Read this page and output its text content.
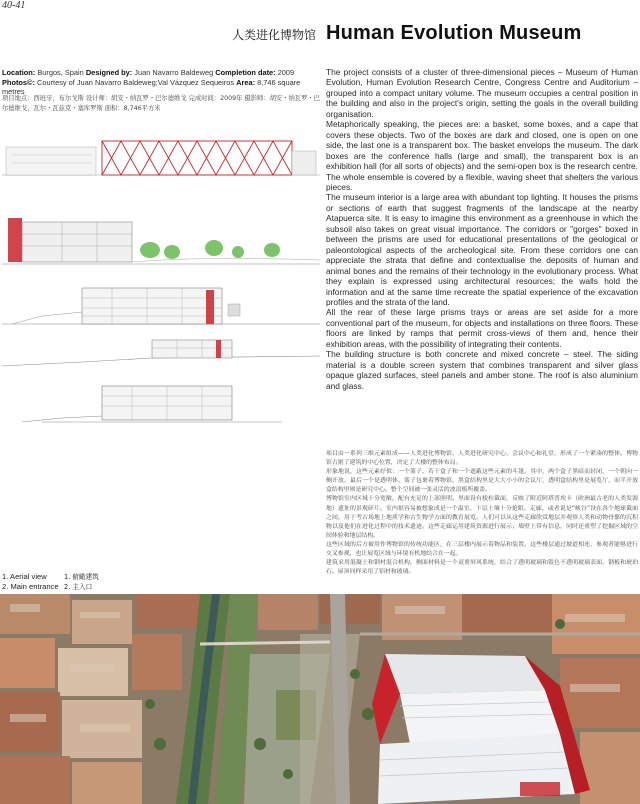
40-41
人类进化博物馆 Human Evolution Museum
Location: Burgos, Spain Designed by: Juan Navarro Baldeweg Completion date: 2009 Photos©: Courtesy of Juan Navarro Baldeweg;Val Vázquez Sequeiros Area: 8,746 square metres
项目地点：西班牙，布尔戈斯 设计师：胡安・纳瓦罗・巴尔德维戈 完成时间：2009年 摄影师：胡安・纳瓦罗・巴尔德维戈，瓦尔・瓦兹克・塞库罗斯 面积：8,746平方米

The project consists of a cluster of three-dimensional pieces – Museum of Human Evolution, Human Evolution Research Centre, Congress Centre and Auditorium – grouped into a compact unitary volume. The museum occupies a central position in the building and also in the project's origin, setting the goals in the overall building organisation.

Metaphorically speaking, the pieces are: a basket, some boxes, and a cape that covers these objects. Two of the boxes are dark and closed, one is open on one side, the last one is a transparent box. The basket envelops the museum. The dark boxes are the conference halls (large and small), the transparent box is an exhibition hall (for all sorts of objects) and the semi-open box is the research centre. The whole ensemble is covered by a flexible, waving sheet that shelters the various pieces.

The museum interior is a large area with abundant top lighting. It houses the prisms or sections of earth that suggest fragments of the landscape at the nearby Atapuerca site. It is easy to imagine this environment as a greenhouse in which the subsoil also takes on great visual importance. The corridors or "gorges" boxed in between the prisms are used for educational presentations of the geological or paleontological aspects of the archeological site. From these corridors one can appreciate the strata that define and contextualise the deposits of human and animal bones and the remains of their technology in the evolutionary process. What they explain is expressed using architectural resources; the walls hold the information and at the same time recreate the spatial experience of the excavation profiles and the strata of the land.

All the rear of these large prisms trays or areas are set aside for a more conventional part of the museum, for objects and installations on three floors. These floors are linked by ramps that permit cross-views of them and, hence their exhibition areas, with the possibility of integrating their contents.

The building structure is both concrete and mixed concrete – steel. The siding material is a double screen system that combines transparent and silver glass opaque glazed surfaces, steel panels and amber stone. The roof is also aluminium and glass.

项目由一系列三维元素组成——人类进化博物馆、人类进化研究中心、会议中心和礼堂，形成了一个紧凑的整体。博物馆占据了建筑的中心位置，决定了大楼的整体布局。

形象地说，这些元素好似：一个篮子、若干盒子和一个遮蔽这些元素的斗篷。其中，两个盒子黑暗而封闭，一个朝向一侧开放，最后一个是透明体。篮子包裹着博物馆。黑盒结构里是大大小小的会议厅，透明盒结构里是展览厅，而半开放盒结构里则是研究中心。整个空间被一张灵活的波浪板所覆盖。

博物馆室内区域十分宽敞，配有充足的上部照明。里面设有棱柱截面，反映了附近阿塔普埃卡（欧洲最古老的人类发源地）遗址的景观碎片。室内很容易被想象成是一个温室，下层土壤十分抢眼。走廊，或者说是“峡谷”设在各个地球截面之间，用于考古场地上地质学和古生物学方面的教育展览。人们可以从这些走廊欣赏地层并观察人类和动物骨骼的沉积物以及他们在进化过程中的技术遗迹。这些走廊运用建筑资源进行展示；墙壁上带有信息，同时还重塑了挖掘区域的空间体验和地层结构。

这些区域的后方被用作博物馆的传统功能区，在三层楼内展示着物品和装置。这些楼层通过坡道相连，参观者能够进行交叉参观，也让展览区域与环境有机地结合在一起。

建筑采用混凝土和钢材混合机构。侧面材料是一个双重屏风系统，结合了透明玻璃和银色不透明玻璃表面、钢板和琥珀石。屋顶同样采用了铝材和玻璃。

1. Aerial view	1. 俯瞰建筑
2. Main entrance 2. 主入口
